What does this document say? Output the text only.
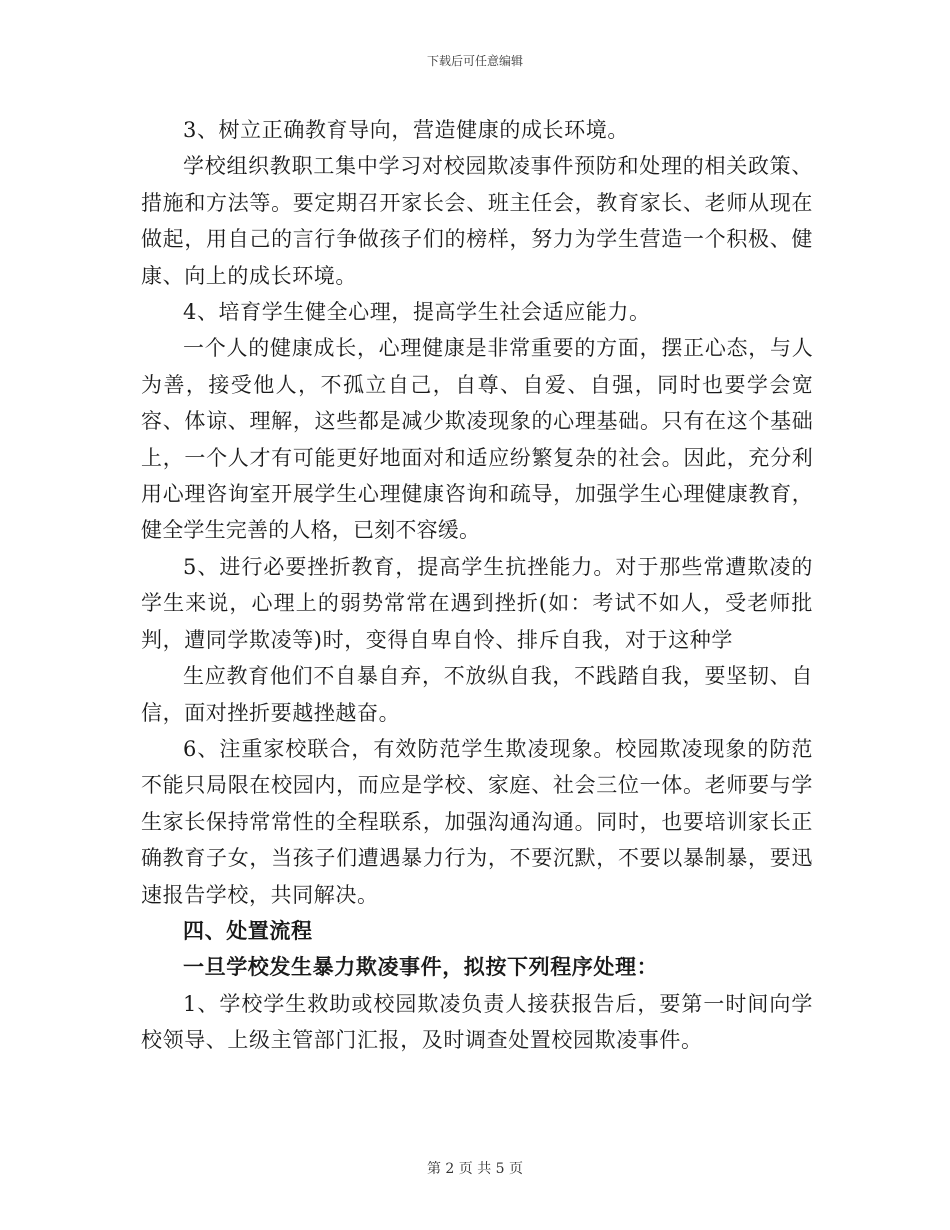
下载后可任意编辑

3、树立正确教育导向，营造健康的成长环境。

学校组织教职工集中学习对校园欺凌事件预防和处理的相关政策、措施和方法等。要定期召开家长会、班主任会，教育家长、老师从现在做起，用自己的言行争做孩子们的榜样，努力为学生营造一个积极、健康、向上的成长环境。

4、培育学生健全心理，提高学生社会适应能力。

一个人的健康成长，心理健康是非常重要的方面，摆正心态，与人为善，接受他人，不孤立自己，自尊、自爱、自强，同时也要学会宽容、体谅、理解，这些都是减少欺凌现象的心理基础。只有在这个基础上，一个人才有可能更好地面对和适应纷繁复杂的社会。因此，充分利用心理咨询室开展学生心理健康咨询和疏导，加强学生心理健康教育，健全学生完善的人格，已刻不容缓。

5、进行必要挫折教育，提高学生抗挫能力。对于那些常遭欺凌的学生来说，心理上的弱势常常在遇到挫折(如：考试不如人，受老师批判，遭同学欺凌等)时，变得自卑自怜、排斥自我，对于这种学

生应教育他们不自暴自弃，不放纵自我，不践踏自我，要坚韧、自信，面对挫折要越挫越奋。

6、注重家校联合，有效防范学生欺凌现象。校园欺凌现象的防范不能只局限在校园内，而应是学校、家庭、社会三位一体。老师要与学生家长保持常常性的全程联系，加强沟通沟通。同时，也要培训家长正确教育子女，当孩子们遭遇暴力行为，不要沉默，不要以暴制暴，要迅速报告学校，共同解决。

四、处置流程

一旦学校发生暴力欺凌事件，拟按下列程序处理：

1、学校学生救助或校园欺凌负责人接获报告后，要第一时间向学校领导、上级主管部门汇报，及时调查处置校园欺凌事件。

第 2 页 共 5 页
